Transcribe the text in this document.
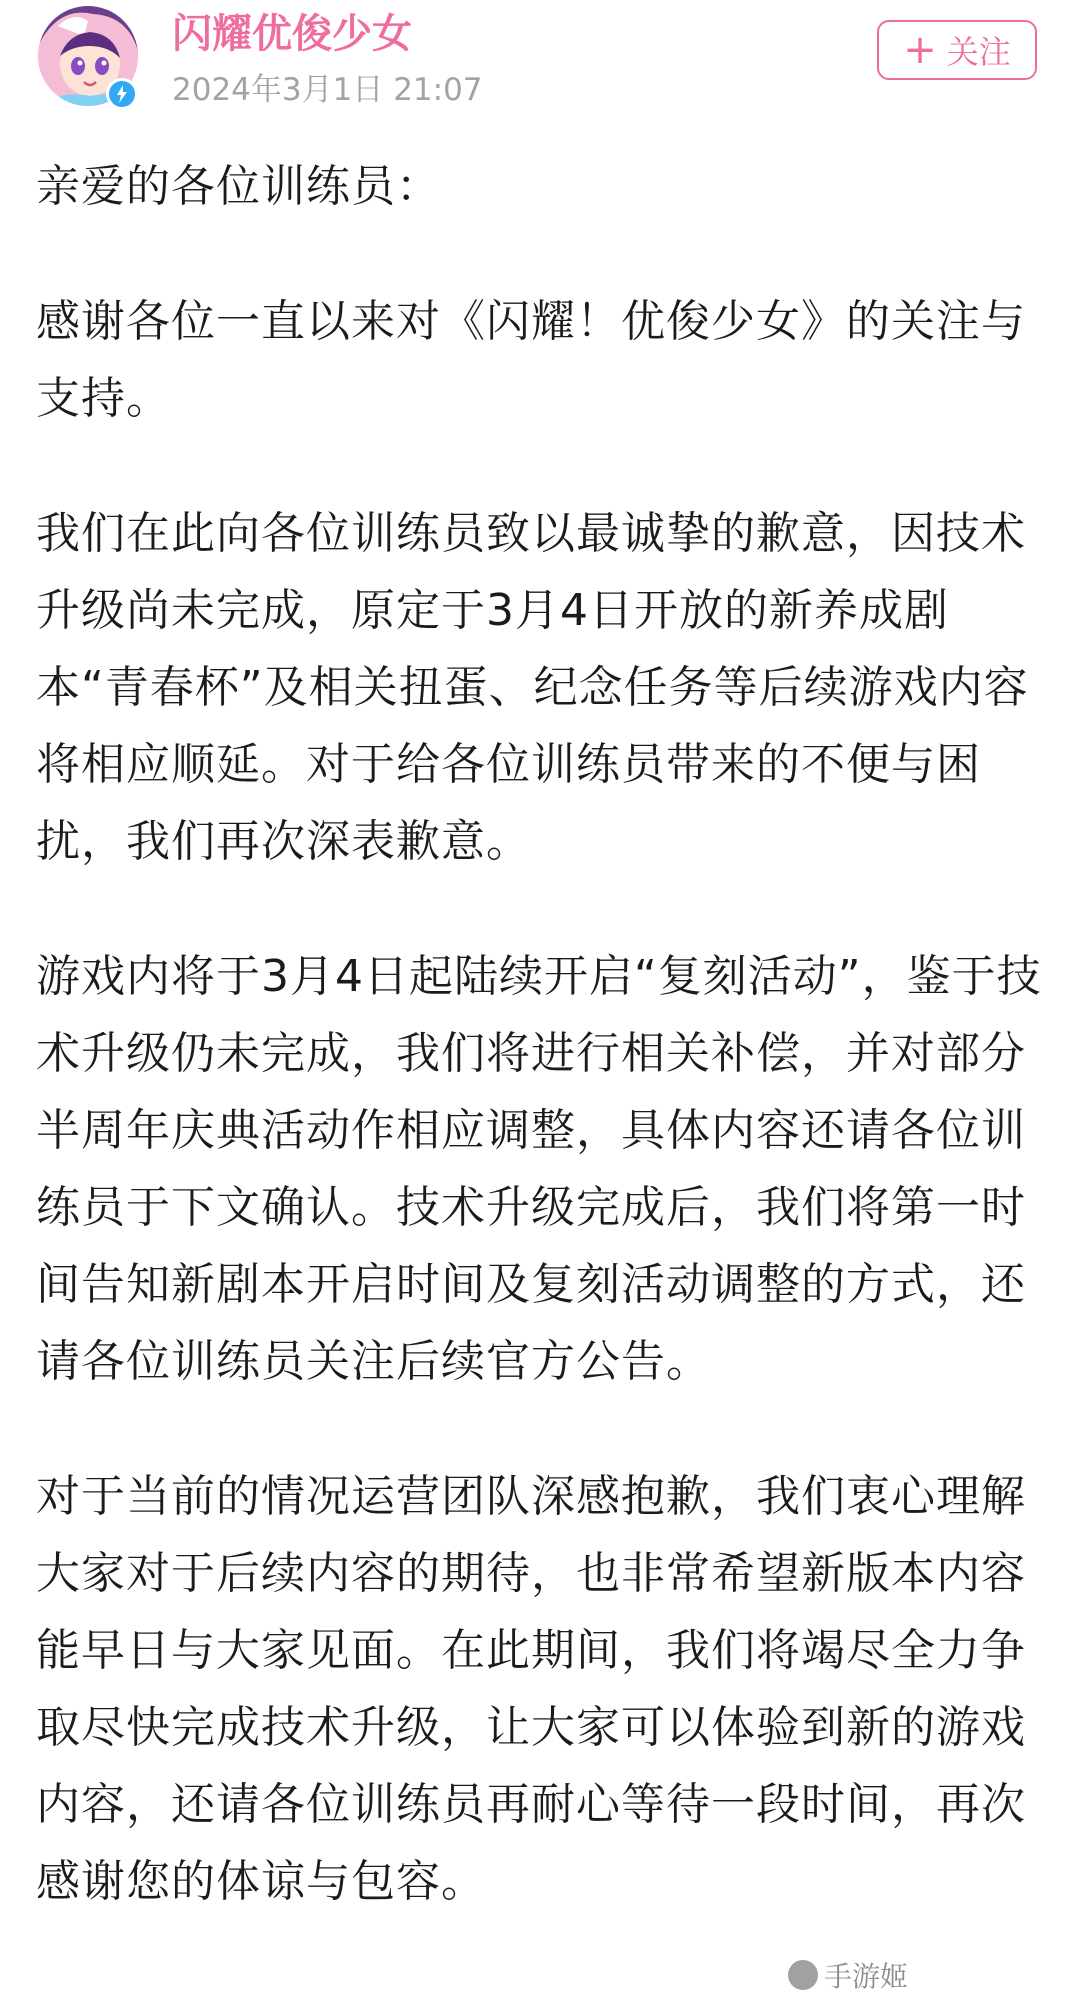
闪耀优俊少女
2024年3月1日 21:07
+ 关注

亲爱的各位训练员：

感谢各位一直以来对《闪耀！优俊少女》的关注与支持。

我们在此向各位训练员致以最诚挚的歉意，因技术升级尚未完成，原定于3月4日开放的新养成剧本“青春杯”及相关扭蛋、纪念任务等后续游戏内容将相应顺延。对于给各位训练员带来的不便与困扰，我们再次深表歉意。

游戏内将于3月4日起陆续开启“复刻活动”，鉴于技术升级仍未完成，我们将进行相关补偿，并对部分半周年庆典活动作相应调整，具体内容还请各位训练员于下文确认。技术升级完成后，我们将第一时间告知新剧本开启时间及复刻活动调整的方式，还请各位训练员关注后续官方公告。

对于当前的情况运营团队深感抱歉，我们衷心理解大家对于后续内容的期待，也非常希望新版本内容能早日与大家见面。在此期间，我们将竭尽全力争取尽快完成技术升级，让大家可以体验到新的游戏内容，还请各位训练员再耐心等待一段时间，再次感谢您的体谅与包容。

手游姬
